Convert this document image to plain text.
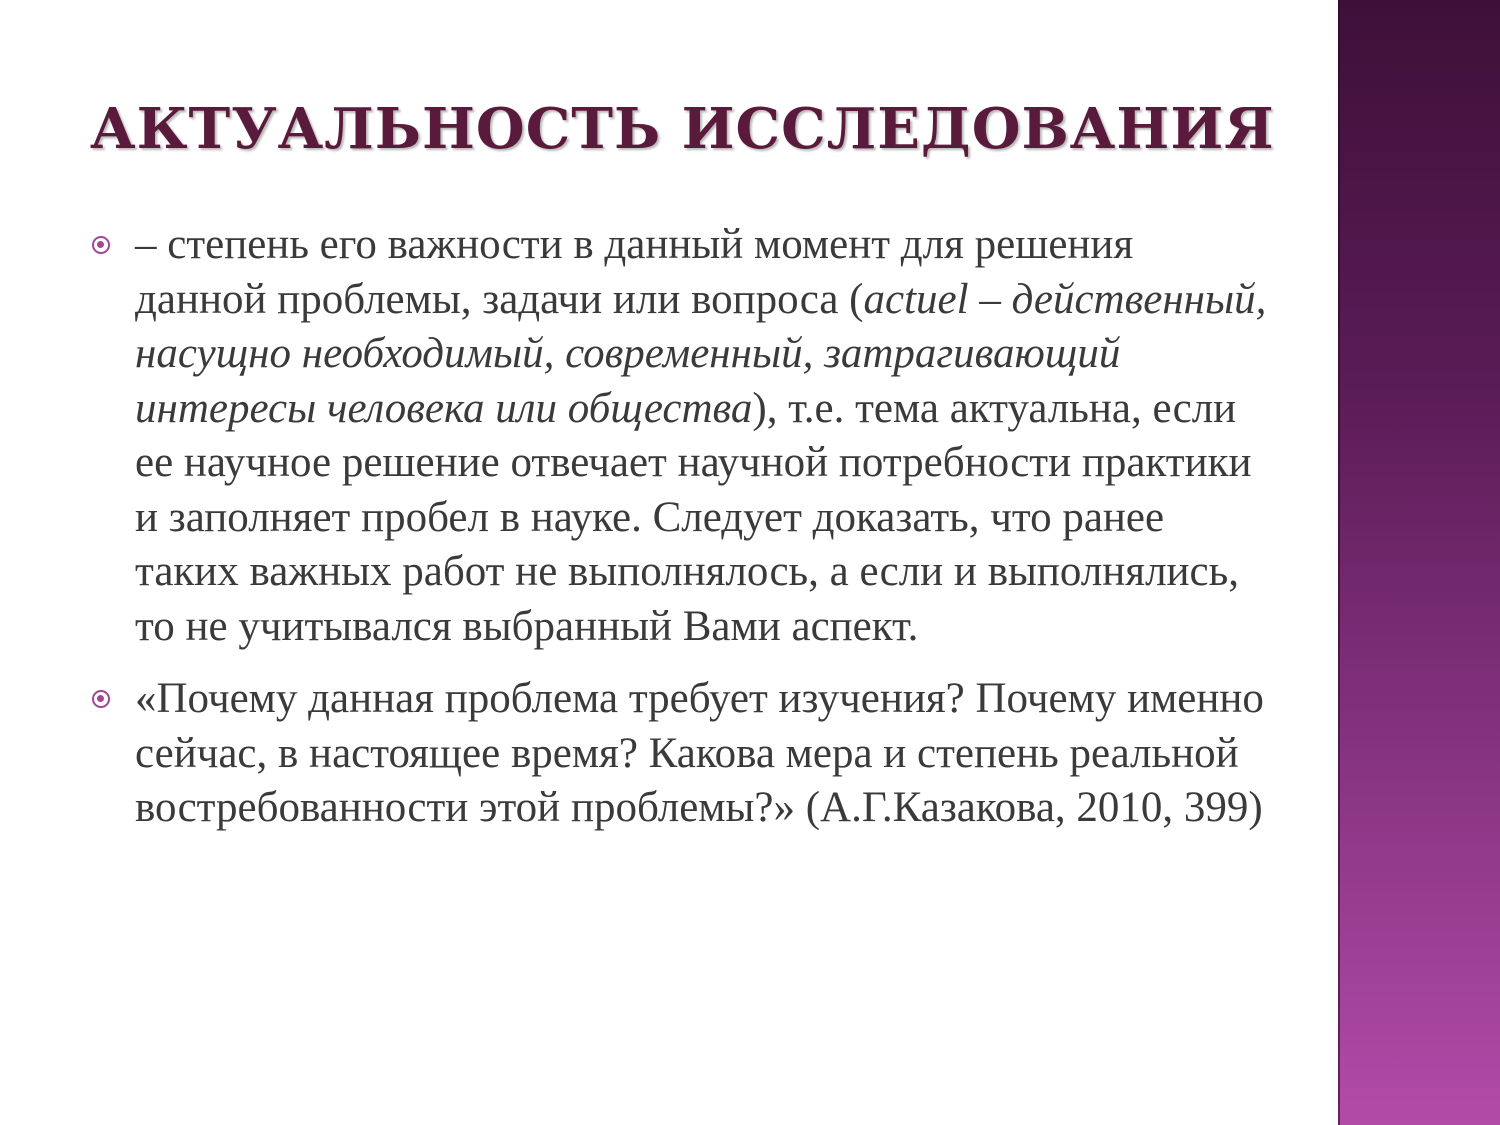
АКТУАЛЬНОСТЬ ИССЛЕДОВАНИЯ
– степень его важности в данный момент для решения данной проблемы, задачи или вопроса (actuel – действенный, насущно необходимый, современный, затрагивающий интересы человека или общества), т.е. тема актуальна, если ее научное решение отвечает научной потребности практики и заполняет пробел в науке. Следует доказать, что ранее таких важных работ не выполнялось, а если и выполнялись, то не учитывался выбранный Вами аспект.
«Почему данная проблема требует изучения? Почему именно сейчас, в настоящее время? Какова мера и степень реальной востребованности этой проблемы?» (А.Г.Казакова, 2010, 399)
